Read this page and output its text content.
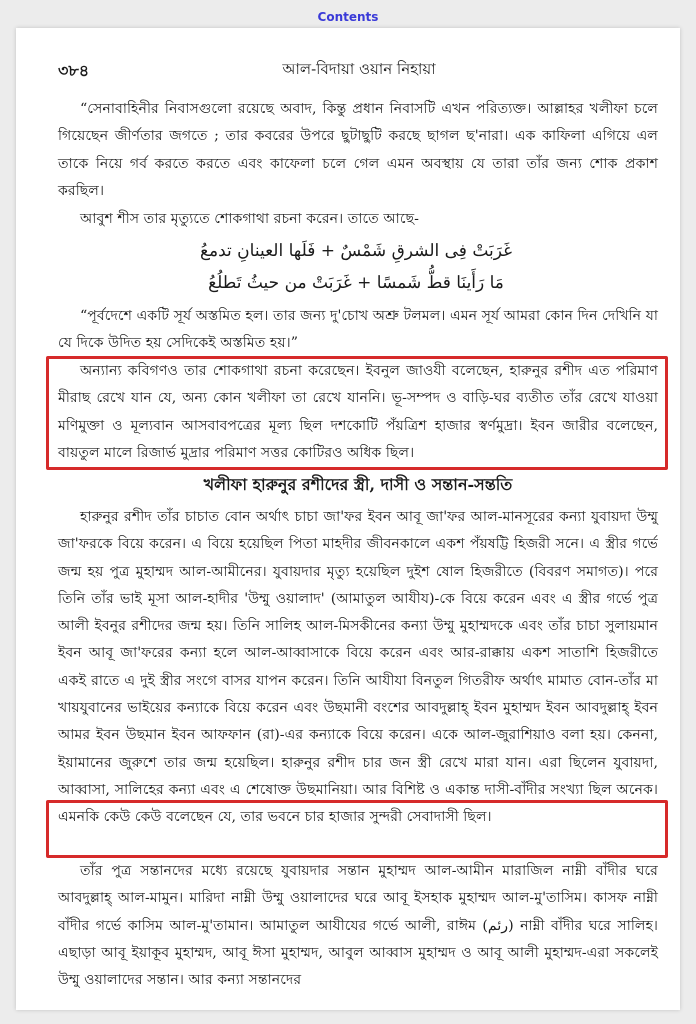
Contents
৩৮৪	আল-বিদায়া ওয়ান নিহায়া

“সেনাবাহিনীর নিবাসগুলো রয়েছে অবাদ, কিন্তু প্রধান নিবাসটি এখন পরিত্যক্ত। আল্লাহর খলীফা চলে গিয়েছেন জীর্ণতার জগতে ; তার কবরের উপরে ছুটাছুটি করছে ছাগল ছ'নারা। এক কাফিলা এগিয়ে এল তাকে নিয়ে গর্ব করতে করতে এবং কাফেলা চলে গেল এমন অবস্থায় যে তারা তাঁর জন্য শোক প্রকাশ করছিল।

আবুশ শীস তার মৃত্যুতে শোকগাথা রচনা করেন। তাতে আছে-

غَرَبَتْ فِى الشرقِ شَمْسٌ + فَلَها العينانِ تدمعُ
مَا رَأَينَا قطُّ شَمسًا + غَرَبَتْ من حيثُ تَطلُعُ

“পূর্বদেশে একটি সূর্য অস্তমিত হল। তার জন্য দু'চোখ অশ্রু টলমল। এমন সূর্য আমরা কোন দিন দেখিনি যা যে দিকে উদিত হয় সেদিকেই অস্তমিত হয়।”

অন্যান্য কবিগণও তার শোকগাথা রচনা করেছেন। ইবনুল জাওযী বলেছেন, হারুনুর রশীদ এত পরিমাণ মীরাছ রেখে যান যে, অন্য কোন খলীফা তা রেখে যাননি। ভূ-সম্পদ ও বাড়ি-ঘর ব্যতীত তাঁর রেখে যাওয়া মণিমুক্তা ও মূল্যবান আসবাবপত্রের মূল্য ছিল দশকোটি পঁয়ত্রিশ হাজার স্বর্ণমুদ্রা। ইবন জারীর বলেছেন, বায়তুল মালে রিজার্ভ মুদ্রার পরিমাণ সত্তর কোটিরও অধিক ছিল।

খলীফা হারুনুর রশীদের স্ত্রী, দাসী ও সন্তান-সন্ততি

হারুনুর রশীদ তাঁর চাচাত বোন অর্থাৎ চাচা জা'ফর ইবন আবূ জা'ফর আল-মানসূরের কন্যা যুবায়দা উম্মু জা'ফরকে বিয়ে করেন। এ বিয়ে হয়েছিল পিতা মাহদীর জীবনকালে একশ পঁয়ষট্টি হিজরী সনে। এ স্ত্রীর গর্ভে জন্ম হয় পুত্র মুহাম্মদ আল-আমীনের। যুবায়দার মৃত্যু হয়েছিল দুইশ ষোল হিজরীতে (বিবরণ সমাগত)। পরে তিনি তাঁর ভাই মূসা আল-হাদীর 'উম্মু ওয়ালাদ' (আমাতুল আযীয)-কে বিয়ে করেন এবং এ স্ত্রীর গর্ভে পুত্র আলী ইবনুর রশীদের জন্ম হয়। তিনি সালিহ আল-মিসকীনের কন্যা উম্মু মুহাম্মদকে এবং তাঁর চাচা সুলায়মান ইবন আবূ জা'ফরের কন্যা হলে আল-আব্বাসাকে বিয়ে করেন এবং আর-রাক্কায় একশ সাতাশি হিজরীতে একই রাতে এ দুই স্ত্রীর সংগে বাসর যাপন করেন। তিনি আযীযা বিনতুল গিতরীফ অর্থাৎ মামাত বোন-তাঁর মা খায়যুবানের ভাইয়ের কন্যাকে বিয়ে করেন এবং উছমানী বংশের আবদুল্লাহ্‌ ইবন মুহাম্মদ ইবন আবদুল্লাহ্‌ ইবন আমর ইবন উছমান ইবন আফফান (রা)-এর কন্যাকে বিয়ে করেন। একে আল-জুরাশিয়াও বলা হয়। কেননা, ইয়ামানের জুরুশে তার জন্ম হয়েছিল। হারুনুর রশীদ চার জন স্ত্রী রেখে মারা যান। এরা ছিলেন যুবায়দা, আব্বাসা, সালিহের কন্যা এবং এ শেষোক্ত উছমানিয়া। আর বিশিষ্ট ও একান্ত দাসী-বাঁদীর সংখ্যা ছিল অনেক। এমনকি কেউ কেউ বলেছেন যে, তার ভবনে চার হাজার সুন্দরী সেবাদাসী ছিল।

তাঁর পুত্র সন্তানদের মধ্যে রয়েছে যুবায়দার সন্তান মুহাম্মদ আল-আমীন মারাজিল নাম্নী বাঁদীর ঘরে আবদুল্লাহ্‌ আল-মামুন। মারিদা নাম্নী উম্মু ওয়ালাদের ঘরে আবূ ইসহাক মুহাম্মদ আল-মু'তাসিম। কাসফ নাম্নী বাঁদীর গর্ভে কাসিম আল-মু'তামান। আমাতুল আযীযের গর্ভে আলী, রাঈম (رئم) নাম্নী বাঁদীর ঘরে সালিহ। এছাড়া আবূ ইয়াকূব মুহাম্মদ, আবূ ঈসা মুহাম্মদ, আবুল আব্বাস মুহাম্মদ ও আবূ আলী মুহাম্মদ-এরা সকলেই উম্মু ওয়ালাদের সন্তান। আর কন্যা সন্তানদের
